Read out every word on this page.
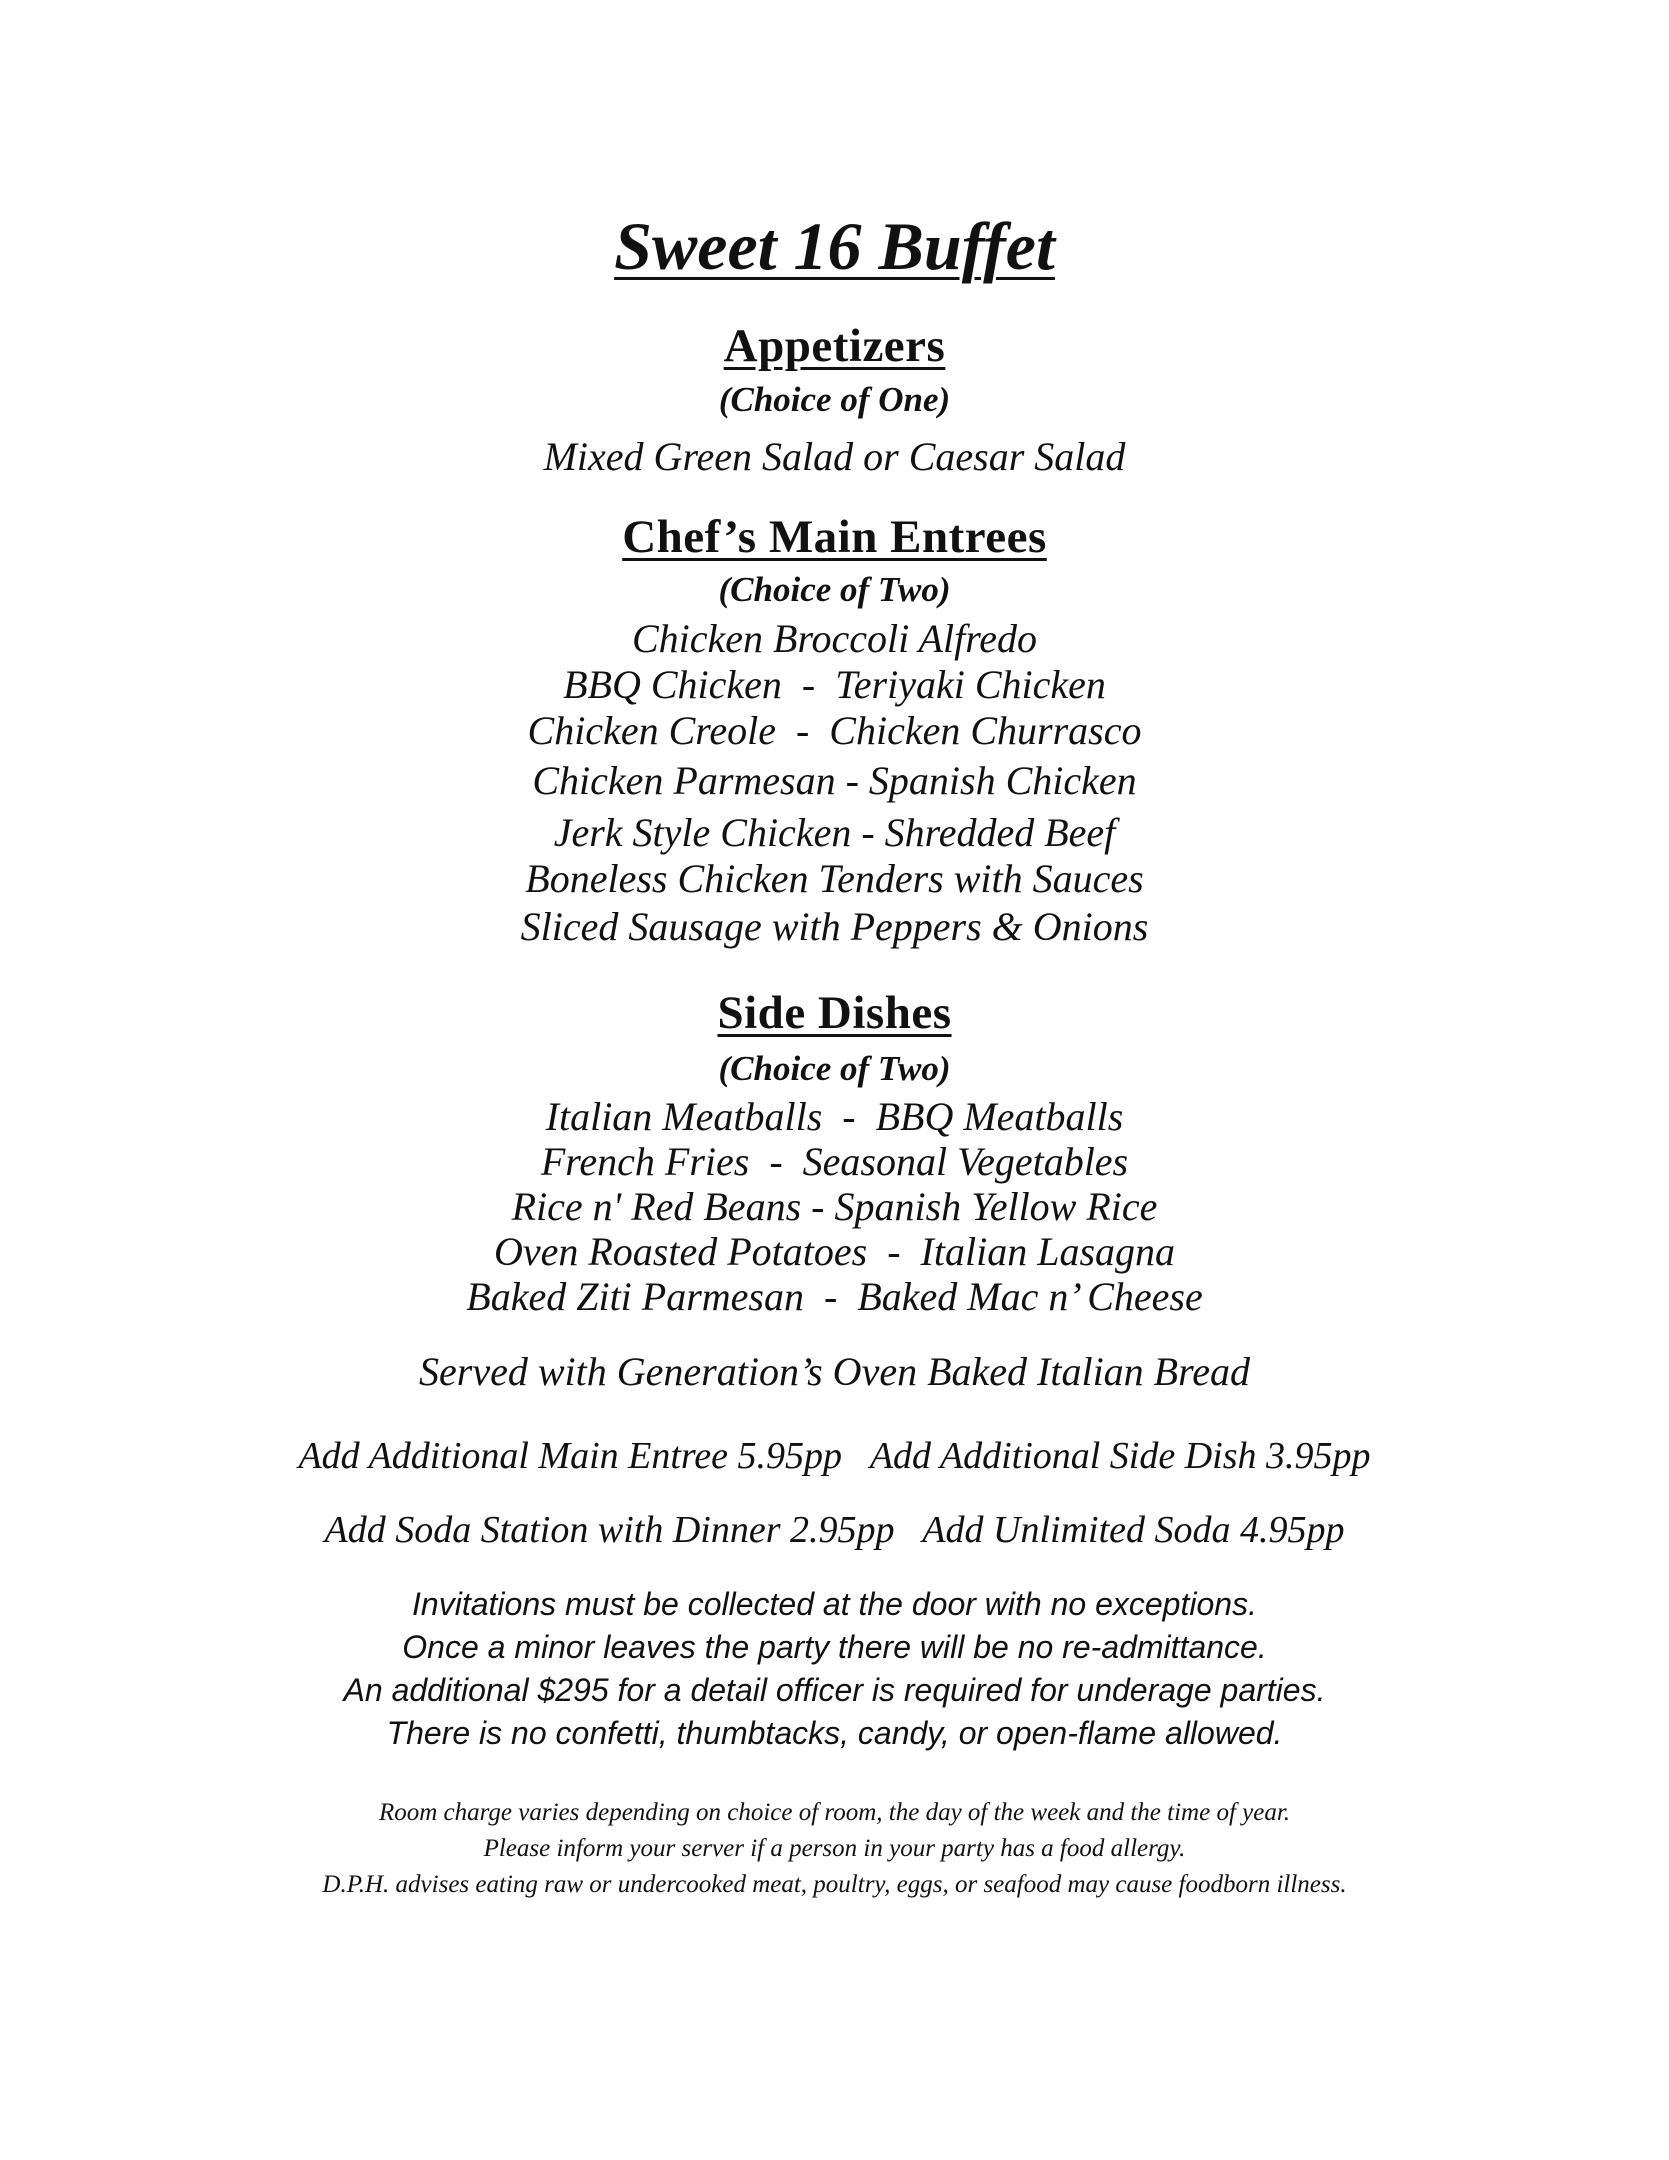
Sweet 16 Buffet
Appetizers
(Choice of One)
Mixed Green Salad or Caesar Salad
Chef’s Main Entrees
(Choice of Two)
Chicken Broccoli Alfredo
BBQ Chicken  -  Teriyaki Chicken
Chicken Creole  -  Chicken Churrasco
Chicken Parmesan - Spanish Chicken
Jerk Style Chicken - Shredded Beef
Boneless Chicken Tenders with Sauces
Sliced Sausage with Peppers & Onions
Side Dishes
(Choice of Two)
Italian Meatballs  -  BBQ Meatballs
French Fries  -  Seasonal Vegetables
Rice n' Red Beans - Spanish Yellow Rice
Oven Roasted Potatoes  -  Italian Lasagna
Baked Ziti Parmesan  -  Baked Mac n’ Cheese
Served with Generation’s Oven Baked Italian Bread
Add Additional Main Entree 5.95pp   Add Additional Side Dish 3.95pp
Add Soda Station with Dinner 2.95pp   Add Unlimited Soda 4.95pp
Invitations must be collected at the door with no exceptions.
Once a minor leaves the party there will be no re-admittance.
An additional $295 for a detail officer is required for underage parties.
There is no confetti, thumbtacks, candy, or open-flame allowed.
Room charge varies depending on choice of room, the day of the week and the time of year.
Please inform your server if a person in your party has a food allergy.
D.P.H. advises eating raw or undercooked meat, poultry, eggs, or seafood may cause foodborn illness.
